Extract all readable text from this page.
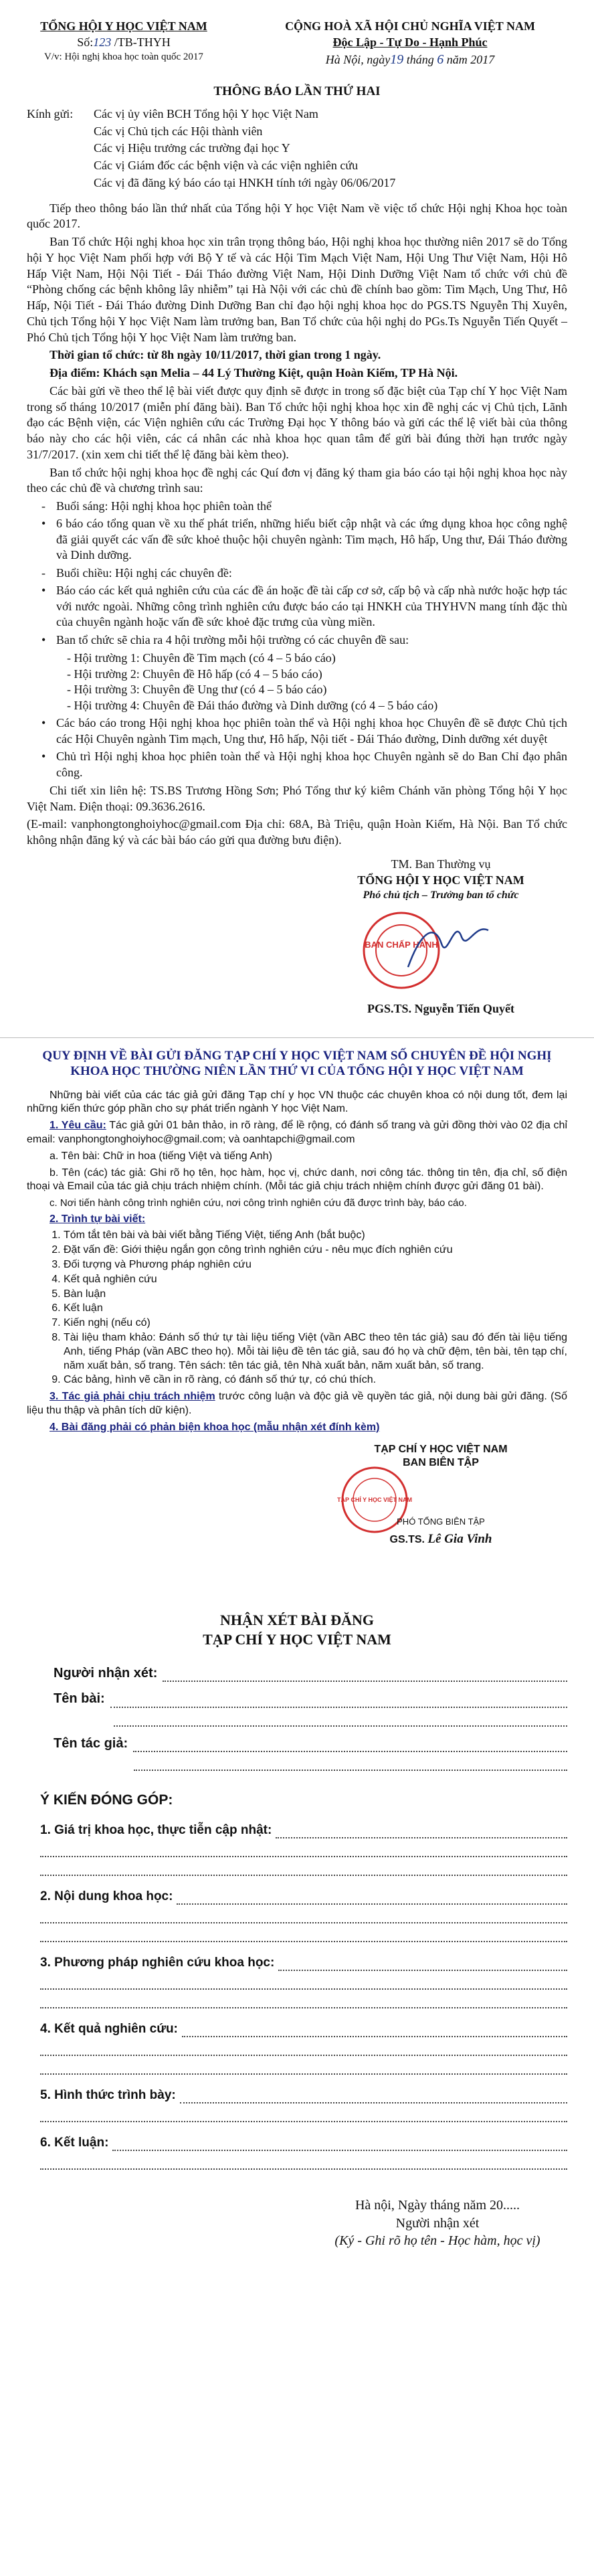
TỔNG HỘI Y HỌC VIỆT NAM
Số:123 /TB-THYH
V/v: Hội nghị khoa học toàn quốc 2017
CỘNG HOÀ XÃ HỘI CHỦ NGHĨA VIỆT NAM
Độc Lập - Tự Do - Hạnh Phúc
Hà Nội, ngày19 tháng 6 năm 2017
THÔNG BÁO LẦN THỨ HAI
Kính gửi:	Các vị ủy viên BCH Tổng hội Y học Việt Nam
Các vị Chủ tịch các Hội thành viên
Các vị Hiệu trưởng các trường đại học Y
Các vị Giám đốc các bệnh viện và các viện nghiên cứu
Các vị đã đăng ký báo cáo tại HNKH tính tới ngày 06/06/2017

Tiếp theo thông báo lần thứ nhất của Tổng hội Y học Việt Nam về việc tổ chức Hội nghị Khoa học toàn quốc 2017.

Ban Tổ chức Hội nghị khoa học xin trân trọng thông báo, Hội nghị khoa học thường niên 2017 sẽ do Tổng hội Y học Việt Nam phối hợp với Bộ Y tế và các Hội Tim Mạch Việt Nam, Hội Ung Thư Việt Nam, Hội Hô Hấp Việt Nam, Hội Nội Tiết - Đái Tháo đường Việt Nam, Hội Dinh Dưỡng Việt Nam tổ chức với chủ đề “Phòng chống các bệnh không lây nhiễm” tại Hà Nội với các chủ đề chính bao gồm: Tim Mạch, Ung Thư, Hô Hấp, Nội Tiết - Đái Tháo đường Dinh Dưỡng Ban chỉ đạo hội nghị khoa học do PGS.TS Nguyễn Thị Xuyên, Chủ tịch Tổng hội Y học Việt Nam làm trưởng ban, Ban Tổ chức của hội nghị do PGs.Ts Nguyễn Tiến Quyết – Phó Chủ tịch Tổng hội Y học Việt Nam làm trưởng ban.

Thời gian tổ chức: từ 8h ngày 10/11/2017, thời gian trong 1 ngày.

Địa điểm: Khách sạn Melia – 44 Lý Thường Kiệt, quận Hoàn Kiếm, TP Hà Nội.

Các bài gửi về theo thể lệ bài viết được quy định sẽ được in trong số đặc biệt của Tạp chí Y học Việt Nam trong số tháng 10/2017 (miễn phí đăng bài). Ban Tổ chức hội nghị khoa học xin đề nghị các vị Chủ tịch, Lãnh đạo các Bệnh viện, các Viện nghiên cứu các Trường Đại học Y thông báo và gửi các thể lệ viết bài của thông báo này cho các hội viên, các cá nhân các nhà khoa học quan tâm để gửi bài đúng thời hạn trước ngày 31/7/2017. (xin xem chi tiết thể lệ đăng bài kèm theo).

Ban tổ chức hội nghị khoa học đề nghị các Quí đơn vị đăng ký tham gia báo cáo tại hội nghị khoa học này theo các chủ đề và chương trình sau:

- Buổi sáng: Hội nghị khoa học phiên toàn thể
• 6 báo cáo tổng quan về xu thế phát triển, những hiểu biết cập nhật và các ứng dụng khoa học công nghệ đã giải quyết các vấn đề sức khoẻ thuộc hội chuyên ngành: Tim mạch, Hô hấp, Ung thư, Đái Tháo đường và Dinh dưỡng.
- Buổi chiều: Hội nghị các chuyên đề:
• Báo cáo các kết quả nghiên cứu của các đề án hoặc đề tài cấp cơ sở, cấp bộ và cấp nhà nước hoặc hợp tác với nước ngoài. Những công trình nghiên cứu được báo cáo tại HNKH của THYHVN mang tính đặc thù của chuyên ngành hoặc vấn đề sức khoẻ đặc trưng của vùng miền.
• Ban tổ chức sẽ chia ra 4 hội trường mỗi hội trường có các chuyên đề sau:
- Hội trường 1: Chuyên đề Tim mạch (có 4 – 5 báo cáo)
- Hội trường 2: Chuyên đề Hô hấp (có 4 – 5 báo cáo)
- Hội trường 3: Chuyên đề Ung thư (có 4 – 5 báo cáo)
- Hội trường 4: Chuyên đề Đái tháo đường và Dinh dưỡng (có 4 – 5 báo cáo)
• Các báo cáo trong Hội nghị khoa học phiên toàn thể và Hội nghị khoa học Chuyên đề sẽ được Chủ tịch các Hội Chuyên ngành Tim mạch, Ung thư, Hô hấp, Nội tiết - Đái Tháo đường, Dinh dưỡng xét duyệt
• Chủ trì Hội nghị khoa học phiên toàn thể và Hội nghị khoa học Chuyên ngành sẽ do Ban Chỉ đạo phân công.

Chi tiết xin liên hệ: TS.BS Trương Hồng Sơn; Phó Tổng thư ký kiêm Chánh văn phòng Tổng hội Y học Việt Nam. Điện thoại: 09.3636.2616.

(E-mail: vanphongtonghoiyhoc@gmail.com Địa chỉ: 68A, Bà Triệu, quận Hoàn Kiếm, Hà Nội. Ban Tổ chức không nhận đăng ký và các bài báo cáo gửi qua đường bưu điện).

TM. Ban Thường vụ
TỔNG HỘI Y HỌC VIỆT NAM
Phó chủ tịch – Trưởng ban tổ chức
BAN CHẤP HÀNH
PGS.TS. Nguyễn Tiến Quyết
QUY ĐỊNH VỀ BÀI GỬI ĐĂNG TẠP CHÍ Y HỌC VIỆT NAM SỐ CHUYÊN ĐỀ HỘI NGHỊ KHOA HỌC THƯỜNG NIÊN LẦN THỨ VI CỦA TỔNG HỘI Y HỌC VIỆT NAM

Những bài viết của các tác giả gửi đăng Tạp chí y học VN thuộc các chuyên khoa có nội dung tốt, đem lại những kiến thức góp phần cho sự phát triển ngành Y học Việt Nam.

1. Yêu cầu: Tác giả gửi 01 bản thảo, in rõ ràng, để lề rộng, có đánh số trang và gửi đồng thời vào 02 địa chỉ email: vanphongtonghoiyhoc@gmail.com; và oanhtapchi@gmail.com

a. Tên bài: Chữ in hoa (tiếng Việt và tiếng Anh)

b. Tên (các) tác giả: Ghi rõ họ tên, học hàm, học vị, chức danh, nơi công tác. thông tin tên, địa chỉ, số điện thoại và Email của tác giả chịu trách nhiệm chính. (Mỗi tác giả chịu trách nhiệm chính được gửi đăng 01 bài).

c. Nơi tiến hành công trình nghiên cứu, nơi công trình nghiên cứu đã được trình bày, báo cáo.

2. Trình tự bài viết:

1. Tóm tắt tên bài và bài viết bằng Tiếng Việt, tiếng Anh (bắt buộc)
2. Đặt vấn đề: Giới thiệu ngắn gọn công trình nghiên cứu - nêu mục đích nghiên cứu
3. Đối tượng và Phương pháp nghiên cứu
4. Kết quả nghiên cứu
5. Bàn luận
6. Kết luận
7. Kiến nghị (nếu có)
8. Tài liệu tham khảo: Đánh số thứ tự tài liệu tiếng Việt (vần ABC theo tên tác giả) sau đó đến tài liệu tiếng Anh, tiếng Pháp (vần ABC theo họ). Mỗi tài liệu đề tên tác giả, sau đó họ và chữ đệm, tên bài, tên tạp chí, năm xuất bản, số trang. Tên sách: tên tác giả, tên Nhà xuất bản, năm xuất bản, số trang.
9. Các bảng, hình vẽ cần in rõ ràng, có đánh số thứ tự, có chú thích.

3. Tác giả phải chịu trách nhiệm trước công luận và độc giả về quyền tác giả, nội dung bài gửi đăng. (Số liệu thu thập và phân tích dữ kiện).

4. Bài đăng phải có phản biện khoa học (mẫu nhận xét đính kèm)

TẠP CHÍ Y HỌC VIỆT NAM
BAN BIÊN TẬP
TẠP CHÍ Y HỌC VIỆT NAM
PHÓ TỔNG BIÊN TẬP
GS.TS. Lê Gia Vinh
NHẬN XÉT BÀI ĐĂNG
TẠP CHÍ Y HỌC VIỆT NAM
Người nhận xét:
Tên bài:
Tên tác giả:
Ý KIẾN ĐÓNG GÓP:
1. Giá trị khoa học, thực tiễn cập nhật:
2. Nội dung khoa học:
3. Phương pháp nghiên cứu khoa học:
4. Kết quả nghiên cứu:
5. Hình thức trình bày:
6. Kết luận:
Hà nội, Ngày tháng năm 20.....
Người nhận xét
(Ký - Ghi rõ họ tên - Học hàm, học vị)
